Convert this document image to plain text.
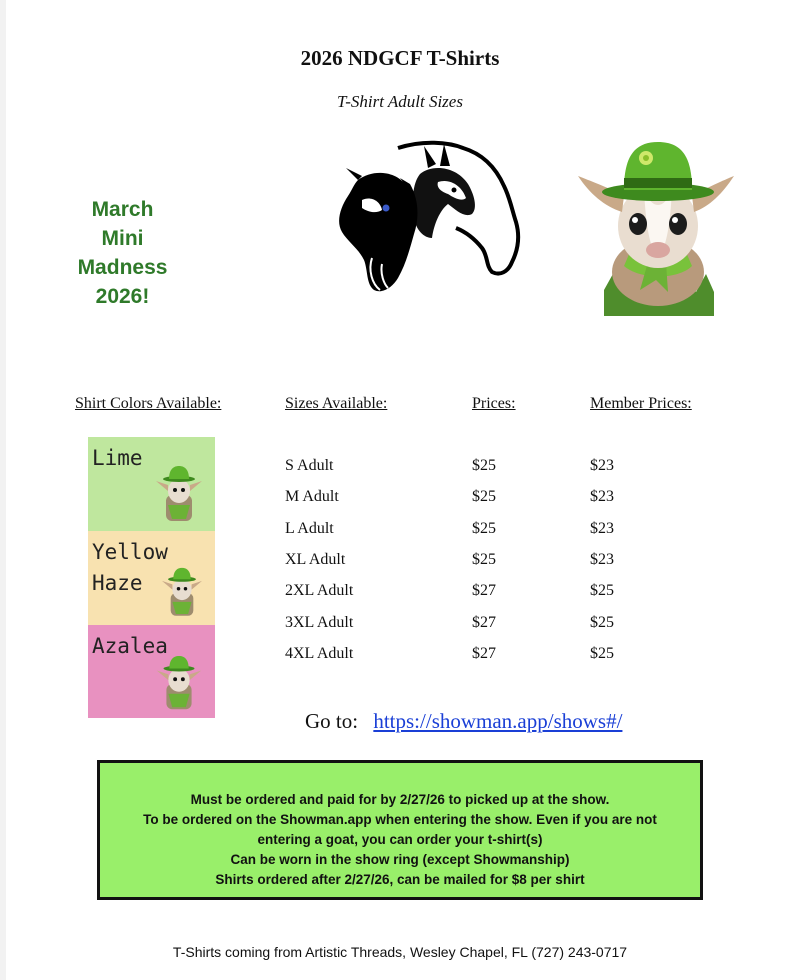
2026 NDGCF T-Shirts
T-Shirt Adult Sizes
March
Mini
Madness
2026!
Shirt Colors Available:	Sizes Available:	Prices:	Member Prices:
Lime
Yellow
Haze
Azalea
S Adult	$25	$23
M Adult	$25	$23
L Adult	$25	$23
XL Adult	$25	$23
2XL Adult	$27	$25
3XL Adult	$27	$25
4XL Adult	$27	$25
Go to: https://showman.app/shows#/
Must be ordered and paid for by 2/27/26 to picked up at the show.
To be ordered on the Showman.app when entering the show. Even if you are not
entering a goat, you can order your t-shirt(s)
Can be worn in the show ring (except Showmanship)
Shirts ordered after 2/27/26, can be mailed for $8 per shirt
T-Shirts coming from Artistic Threads, Wesley Chapel, FL (727) 243-0717
